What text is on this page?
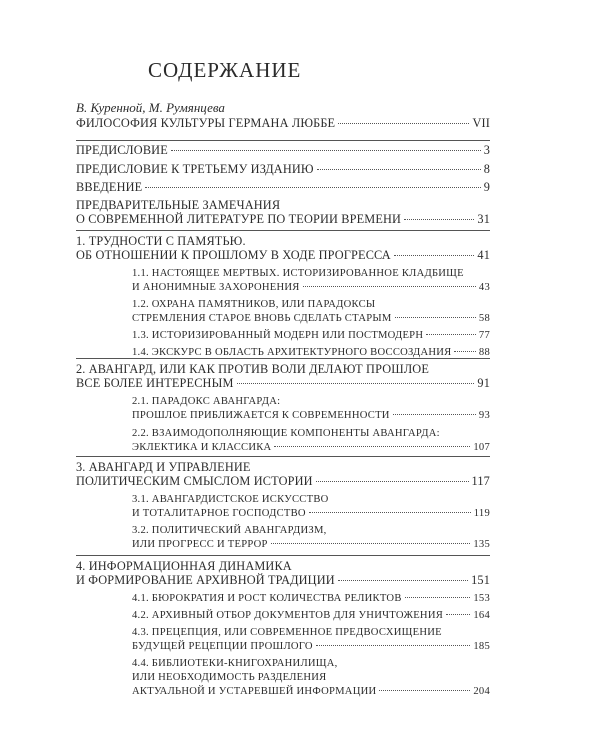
СОДЕРЖАНИЕ
В. Куренной, М. Румянцева
ФИЛОСОФИЯ КУЛЬТУРЫ ГЕРМАНА ЛЮББЕ	VII
ПРЕДИСЛОВИЕ	3
ПРЕДИСЛОВИЕ К ТРЕТЬЕМУ ИЗДАНИЮ	8
ВВЕДЕНИЕ	9
ПРЕДВАРИТЕЛЬНЫЕ ЗАМЕЧАНИЯ
О СОВРЕМЕННОЙ ЛИТЕРАТУРЕ ПО ТЕОРИИ ВРЕМЕНИ	31
1. ТРУДНОСТИ С ПАМЯТЬЮ.
ОБ ОТНОШЕНИИ К ПРОШЛОМУ В ХОДЕ ПРОГРЕССА	41
1.1. НАСТОЯЩЕЕ МЕРТВЫХ. ИСТОРИЗИРОВАННОЕ КЛАДБИЩЕ
И АНОНИМНЫЕ ЗАХОРОНЕНИЯ	43
1.2. ОХРАНА ПАМЯТНИКОВ, ИЛИ ПАРАДОКСЫ
СТРЕМЛЕНИЯ СТАРОЕ ВНОВЬ СДЕЛАТЬ СТАРЫМ	58
1.3. ИСТОРИЗИРОВАННЫЙ МОДЕРН ИЛИ ПОСТМОДЕРН	77
1.4. ЭКСКУРС В ОБЛАСТЬ АРХИТЕКТУРНОГО ВОССОЗДАНИЯ	88
2. АВАНГАРД, ИЛИ КАК ПРОТИВ ВОЛИ ДЕЛАЮТ ПРОШЛОЕ
ВСЕ БОЛЕЕ ИНТЕРЕСНЫМ	91
2.1. ПАРАДОКС АВАНГАРДА:
ПРОШЛОЕ ПРИБЛИЖАЕТСЯ К СОВРЕМЕННОСТИ	93
2.2. ВЗАИМОДОПОЛНЯЮЩИЕ КОМПОНЕНТЫ АВАНГАРДА:
ЭКЛЕКТИКА И КЛАССИКА	107
3. АВАНГАРД И УПРАВЛЕНИЕ
ПОЛИТИЧЕСКИМ СМЫСЛОМ ИСТОРИИ	117
3.1. АВАНГАРДИСТСКОЕ ИСКУССТВО
И ТОТАЛИТАРНОЕ ГОСПОДСТВО	119
3.2. ПОЛИТИЧЕСКИЙ АВАНГАРДИЗМ,
ИЛИ ПРОГРЕСС И ТЕРРОР	135
4. ИНФОРМАЦИОННАЯ ДИНАМИКА
И ФОРМИРОВАНИЕ АРХИВНОЙ ТРАДИЦИИ	151
4.1. БЮРОКРАТИЯ И РОСТ КОЛИЧЕСТВА РЕЛИКТОВ	153
4.2. АРХИВНЫЙ ОТБОР ДОКУМЕНТОВ ДЛЯ УНИЧТОЖЕНИЯ	164
4.3. ПРЕЦЕПЦИЯ, ИЛИ СОВРЕМЕННОЕ ПРЕДВОСХИЩЕНИЕ
БУДУЩЕЙ РЕЦЕПЦИИ ПРОШЛОГО	185
4.4. БИБЛИОТЕКИ-КНИГОХРАНИЛИЩА,
ИЛИ НЕОБХОДИМОСТЬ РАЗДЕЛЕНИЯ
АКТУАЛЬНОЙ И УСТАРЕВШЕЙ ИНФОРМАЦИИ	204
